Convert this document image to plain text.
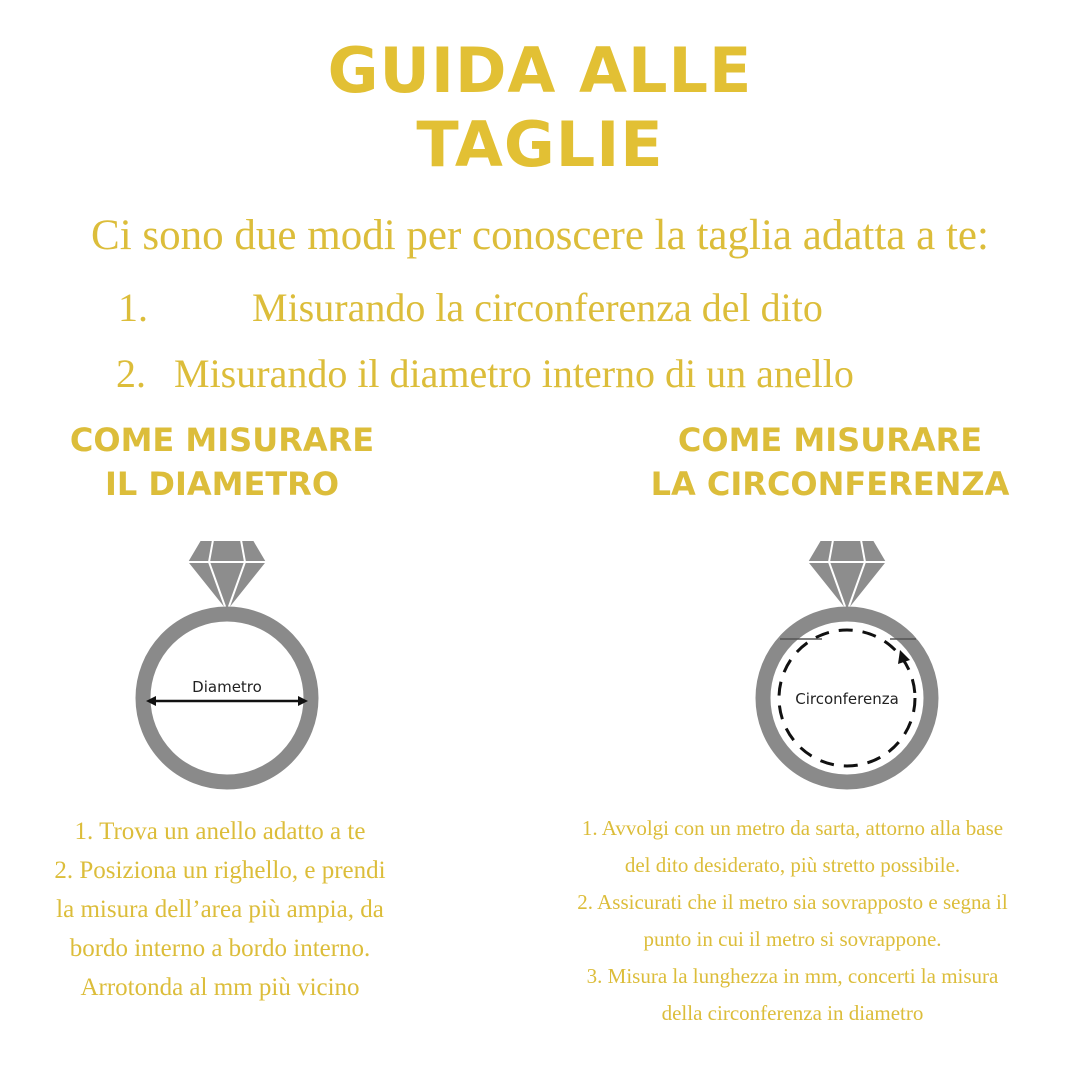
GUIDA ALLE
TAGLIE
Ci sono due modi per conoscere la taglia adatta a te:
1.	Misurando la circonferenza del dito
2. Misurando il diametro interno di un anello
COME MISURARE
IL DIAMETRO
COME MISURARE
LA CIRCONFERENZA
Diametro
Circonferenza
1. Trova un anello adatto a te
2. Posiziona un righello, e prendi
la misura dell’area più ampia, da
bordo interno a bordo interno.
Arrotonda al mm più vicino
1. Avvolgi con un metro da sarta, attorno alla base
del dito desiderato, più stretto possibile.
2. Assicurati che il metro sia sovrapposto e segna il
punto in cui il metro si sovrappone.
3. Misura la lunghezza in mm, concerti la misura
della circonferenza in diametro
